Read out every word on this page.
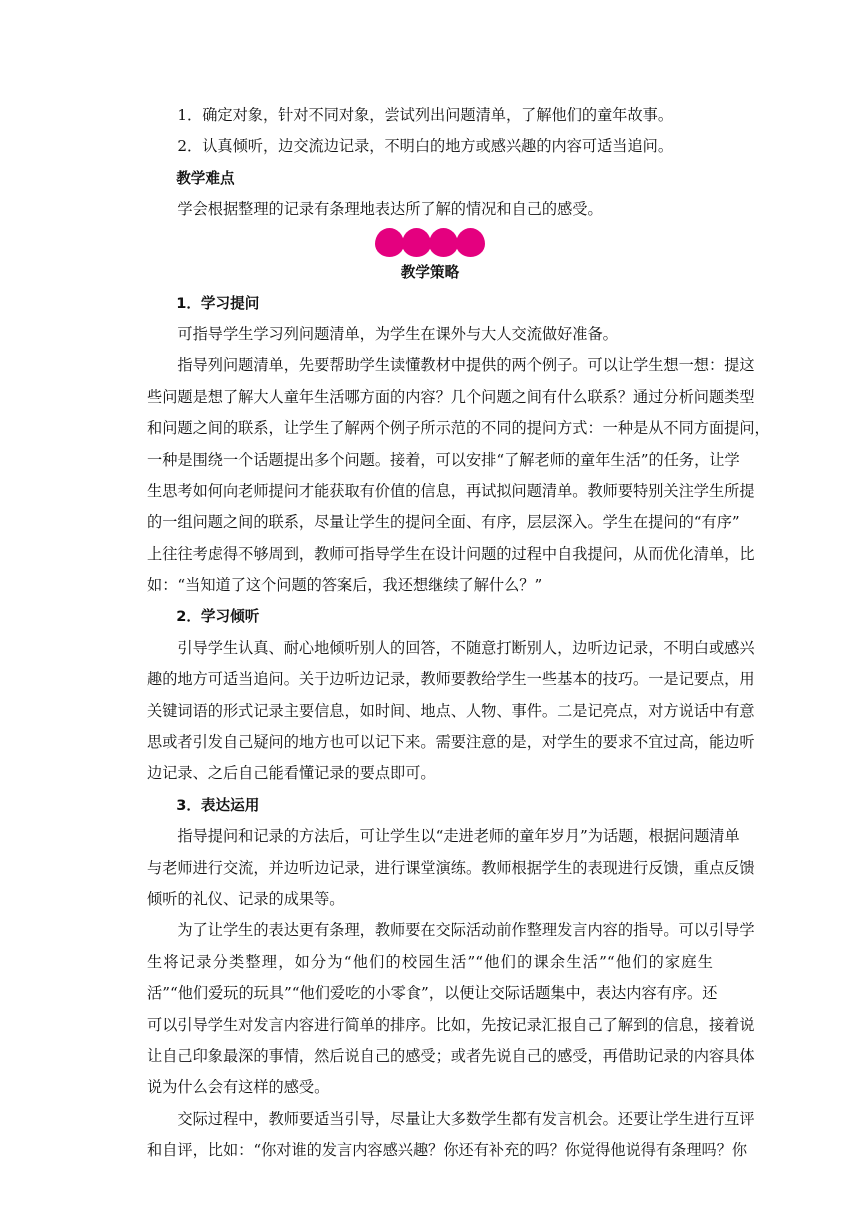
1．确定对象，针对不同对象，尝试列出问题清单，了解他们的童年故事。

2．认真倾听，边交流边记录，不明白的地方或感兴趣的内容可适当追问。

教学难点

学会根据整理的记录有条理地表达所了解的情况和自己的感受。

教学策略

1．学习提问

可指导学生学习列问题清单，为学生在课外与大人交流做好准备。

指导列问题清单，先要帮助学生读懂教材中提供的两个例子。可以让学生想一想：提这

些问题是想了解大人童年生活哪方面的内容？几个问题之间有什么联系？通过分析问题类型

和问题之间的联系，让学生了解两个例子所示范的不同的提问方式：一种是从不同方面提问，

一种是围绕一个话题提出多个问题。接着，可以安排“了解老师的童年生活”的任务，让学

生思考如何向老师提问才能获取有价值的信息，再试拟问题清单。教师要特别关注学生所提

的一组问题之间的联系，尽量让学生的提问全面、有序，层层深入。学生在提问的“有序”

上往往考虑得不够周到，教师可指导学生在设计问题的过程中自我提问，从而优化清单，比

如：“当知道了这个问题的答案后，我还想继续了解什么？”

2．学习倾听

引导学生认真、耐心地倾听别人的回答，不随意打断别人，边听边记录，不明白或感兴

趣的地方可适当追问。关于边听边记录，教师要教给学生一些基本的技巧。一是记要点，用

关键词语的形式记录主要信息，如时间、地点、人物、事件。二是记亮点，对方说话中有意

思或者引发自己疑问的地方也可以记下来。需要注意的是，对学生的要求不宜过高，能边听

边记录、之后自己能看懂记录的要点即可。

3．表达运用

指导提问和记录的方法后，可让学生以“走进老师的童年岁月”为话题，根据问题清单

与老师进行交流，并边听边记录，进行课堂演练。教师根据学生的表现进行反馈，重点反馈

倾听的礼仪、记录的成果等。

为了让学生的表达更有条理，教师要在交际活动前作整理发言内容的指导。可以引导学

生将记录分类整理，如分为“他们的校园生活”“他们的课余生活”“他们的家庭生

活”“他们爱玩的玩具”“他们爱吃的小零食”，以便让交际话题集中，表达内容有序。还

可以引导学生对发言内容进行简单的排序。比如，先按记录汇报自己了解到的信息，接着说

让自己印象最深的事情，然后说自己的感受；或者先说自己的感受，再借助记录的内容具体

说为什么会有这样的感受。

交际过程中，教师要适当引导，尽量让大多数学生都有发言机会。还要让学生进行互评

和自评，比如：“你对谁的发言内容感兴趣？你还有补充的吗？你觉得他说得有条理吗？你
